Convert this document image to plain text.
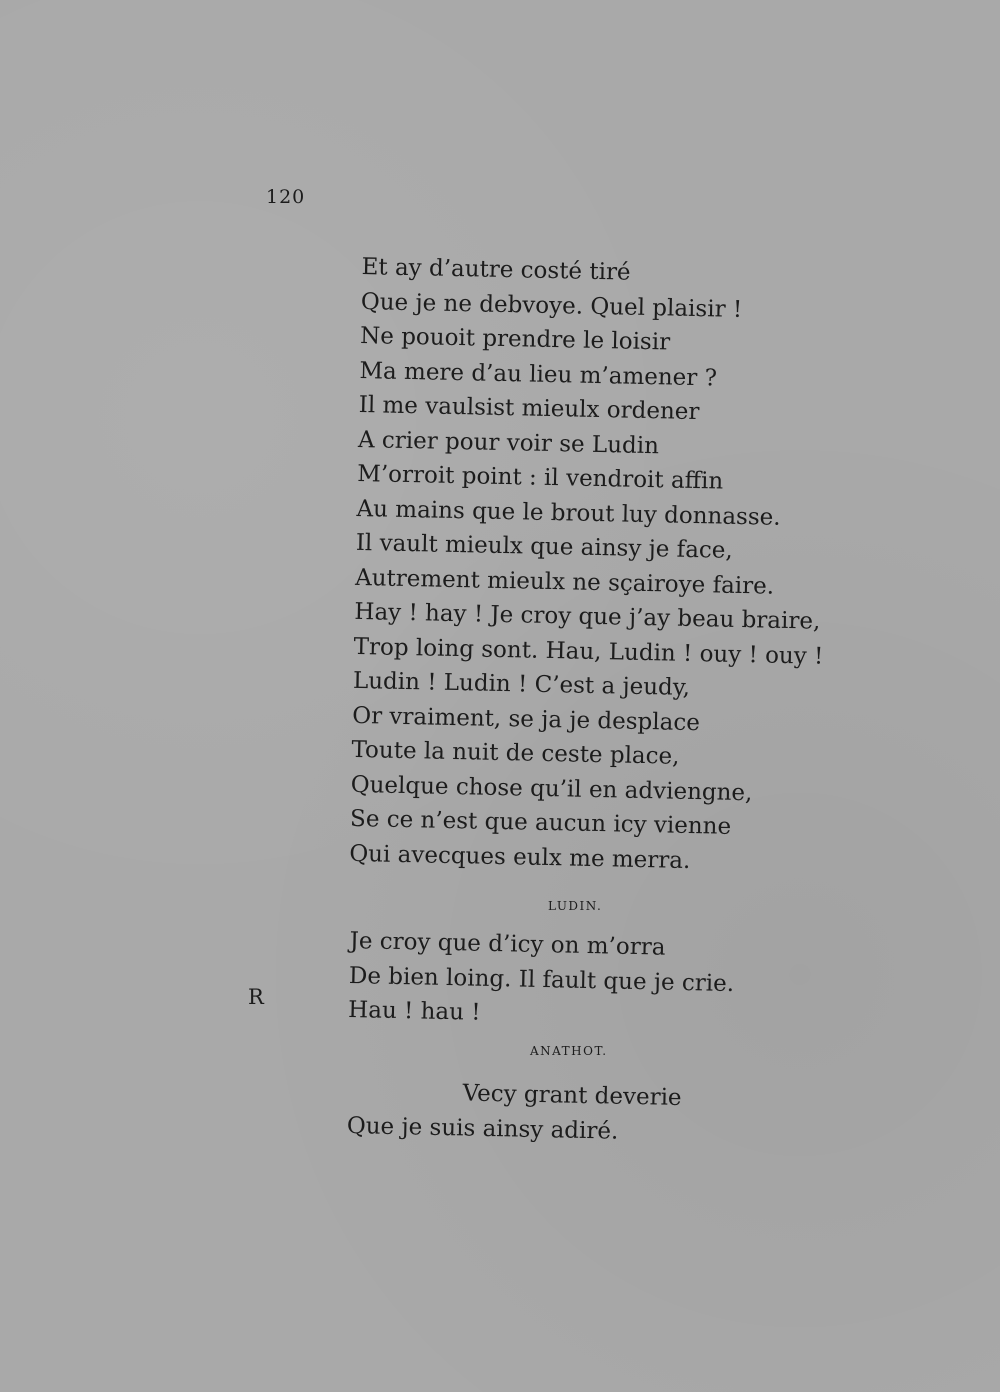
120
Et ay d’autre costé tiré
Que je ne debvoye. Quel plaisir !
Ne pouoit prendre le loisir
Ma mere d’au lieu m’amener ?
Il me vaulsist mieulx ordener
A crier pour voir se Ludin
M’orroit point : il vendroit affin
Au mains que le brout luy donnasse.
Il vault mieulx que ainsy je face,
Autrement mieulx ne sçairoye faire.
Hay ! hay ! Je croy que j’ay beau braire,
Trop loing sont. Hau, Ludin ! ouy ! ouy !
Ludin ! Ludin ! C’est a jeudy,
Or vraiment, se ja je desplace
Toute la nuit de ceste place,
Quelque chose qu’il en adviengne,
Se ce n’est que aucun icy vienne
Qui avecques eulx me merra.
LUDIN.
Je croy que d’icy on m’orra
De bien loing. Il fault que je crie.
Hau ! hau !
R
ANATHOT.
Vecy grant deverie
Que je suis ainsy adiré.
